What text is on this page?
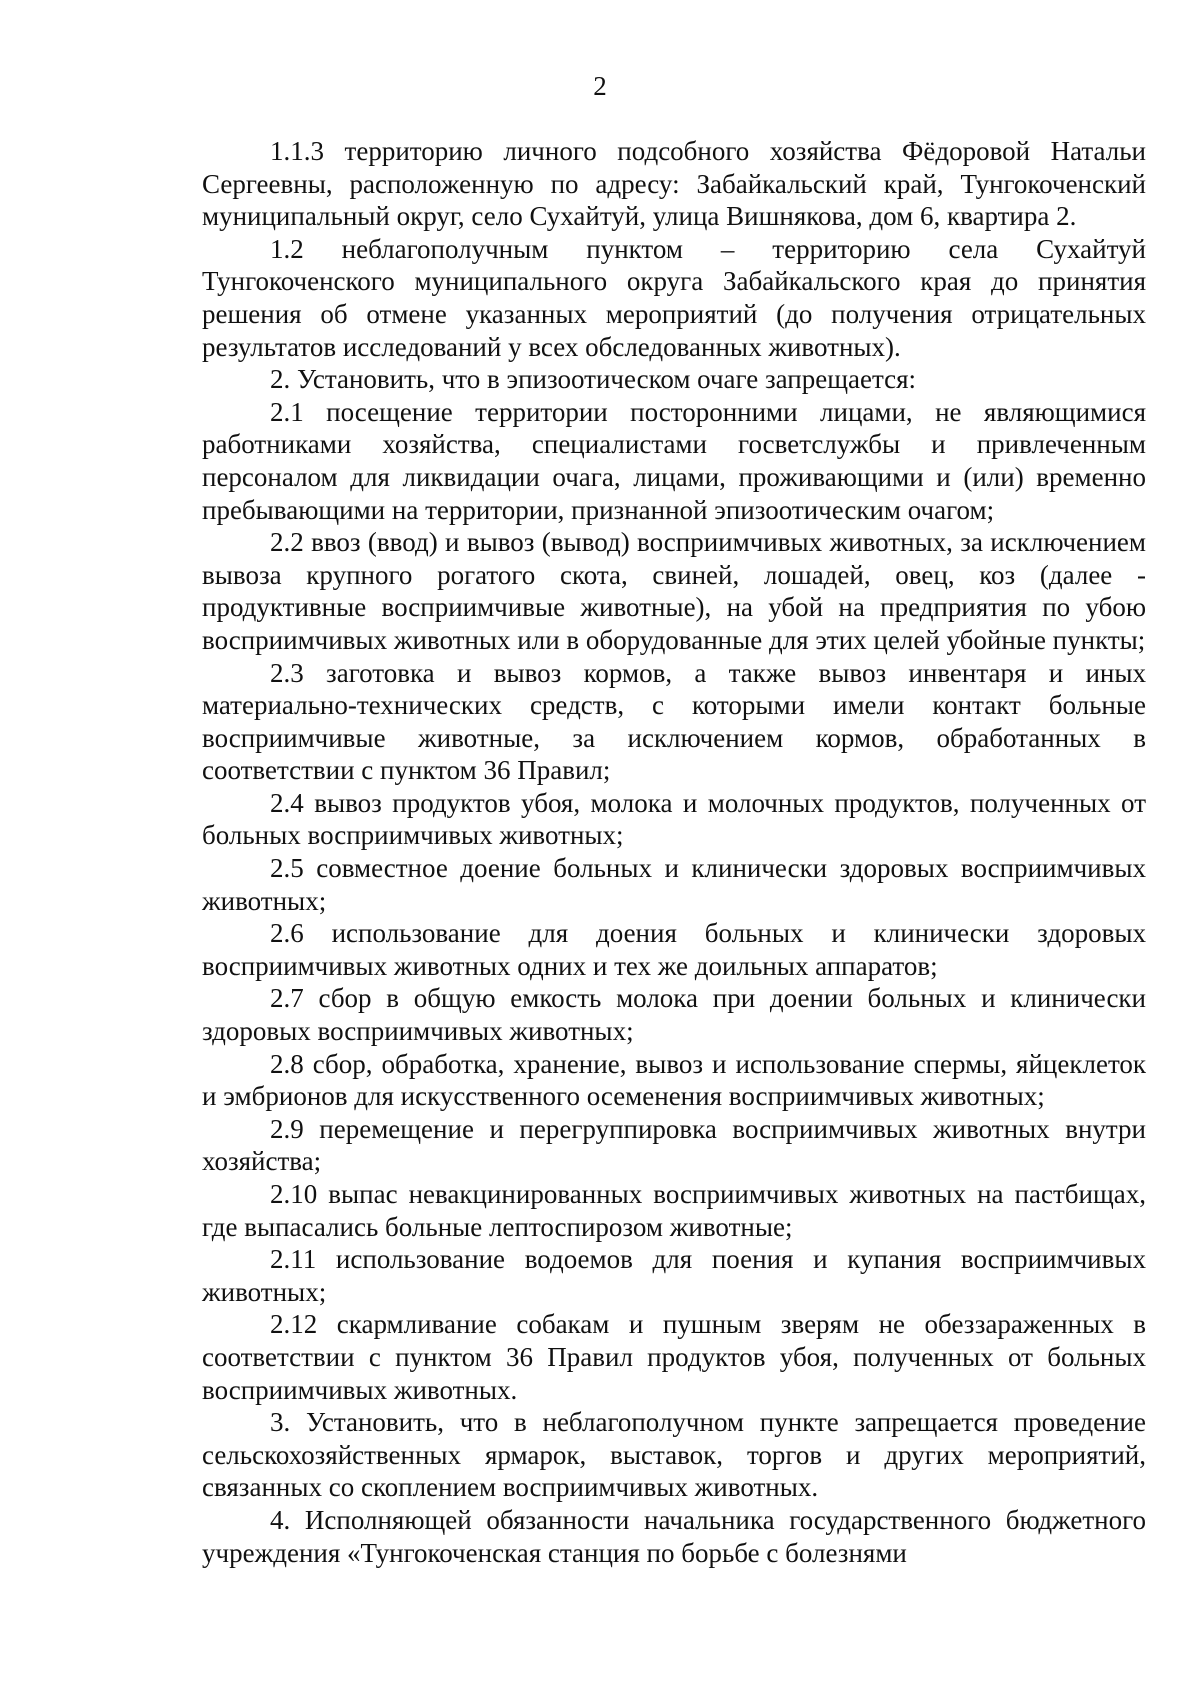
2

1.1.3 территорию личного подсобного хозяйства Фёдоровой Натальи Сергеевны, расположенную по адресу: Забайкальский край, Тунгокоченский муниципальный округ, село Сухайтуй, улица Вишнякова, дом 6, квартира 2.

1.2 неблагополучным пунктом – территорию села Сухайтуй Тунгокоченского муниципального округа Забайкальского края до принятия решения об отмене указанных мероприятий (до получения отрицательных результатов исследований у всех обследованных животных).

2. Установить, что в эпизоотическом очаге запрещается:

2.1 посещение территории посторонними лицами, не являющимися работниками хозяйства, специалистами госветслужбы и привлеченным персоналом для ликвидации очага, лицами, проживающими и (или) временно пребывающими на территории, признанной эпизоотическим очагом;

2.2 ввоз (ввод) и вывоз (вывод) восприимчивых животных, за исключением вывоза крупного рогатого скота, свиней, лошадей, овец, коз (далее - продуктивные восприимчивые животные), на убой на предприятия по убою восприимчивых животных или в оборудованные для этих целей убойные пункты;

2.3 заготовка и вывоз кормов, а также вывоз инвентаря и иных материально-технических средств, с которыми имели контакт больные восприимчивые животные, за исключением кормов, обработанных в соответствии с пунктом 36 Правил;

2.4 вывоз продуктов убоя, молока и молочных продуктов, полученных от больных восприимчивых животных;

2.5 совместное доение больных и клинически здоровых восприимчивых животных;

2.6 использование для доения больных и клинически здоровых восприимчивых животных одних и тех же доильных аппаратов;

2.7 сбор в общую емкость молока при доении больных и клинически здоровых восприимчивых животных;

2.8 сбор, обработка, хранение, вывоз и использование спермы, яйцеклеток и эмбрионов для искусственного осеменения восприимчивых животных;

2.9 перемещение и перегруппировка восприимчивых животных внутри хозяйства;

2.10 выпас невакцинированных восприимчивых животных на пастбищах, где выпасались больные лептоспирозом животные;

2.11 использование водоемов для поения и купания восприимчивых животных;

2.12 скармливание собакам и пушным зверям не обеззараженных в соответствии с пунктом 36 Правил продуктов убоя, полученных от больных восприимчивых животных.

3. Установить, что в неблагополучном пункте запрещается проведение сельскохозяйственных ярмарок, выставок, торгов и других мероприятий, связанных со скоплением восприимчивых животных.

4. Исполняющей обязанности начальника государственного бюджетного учреждения «Тунгокоченская станция по борьбе с болезнями
